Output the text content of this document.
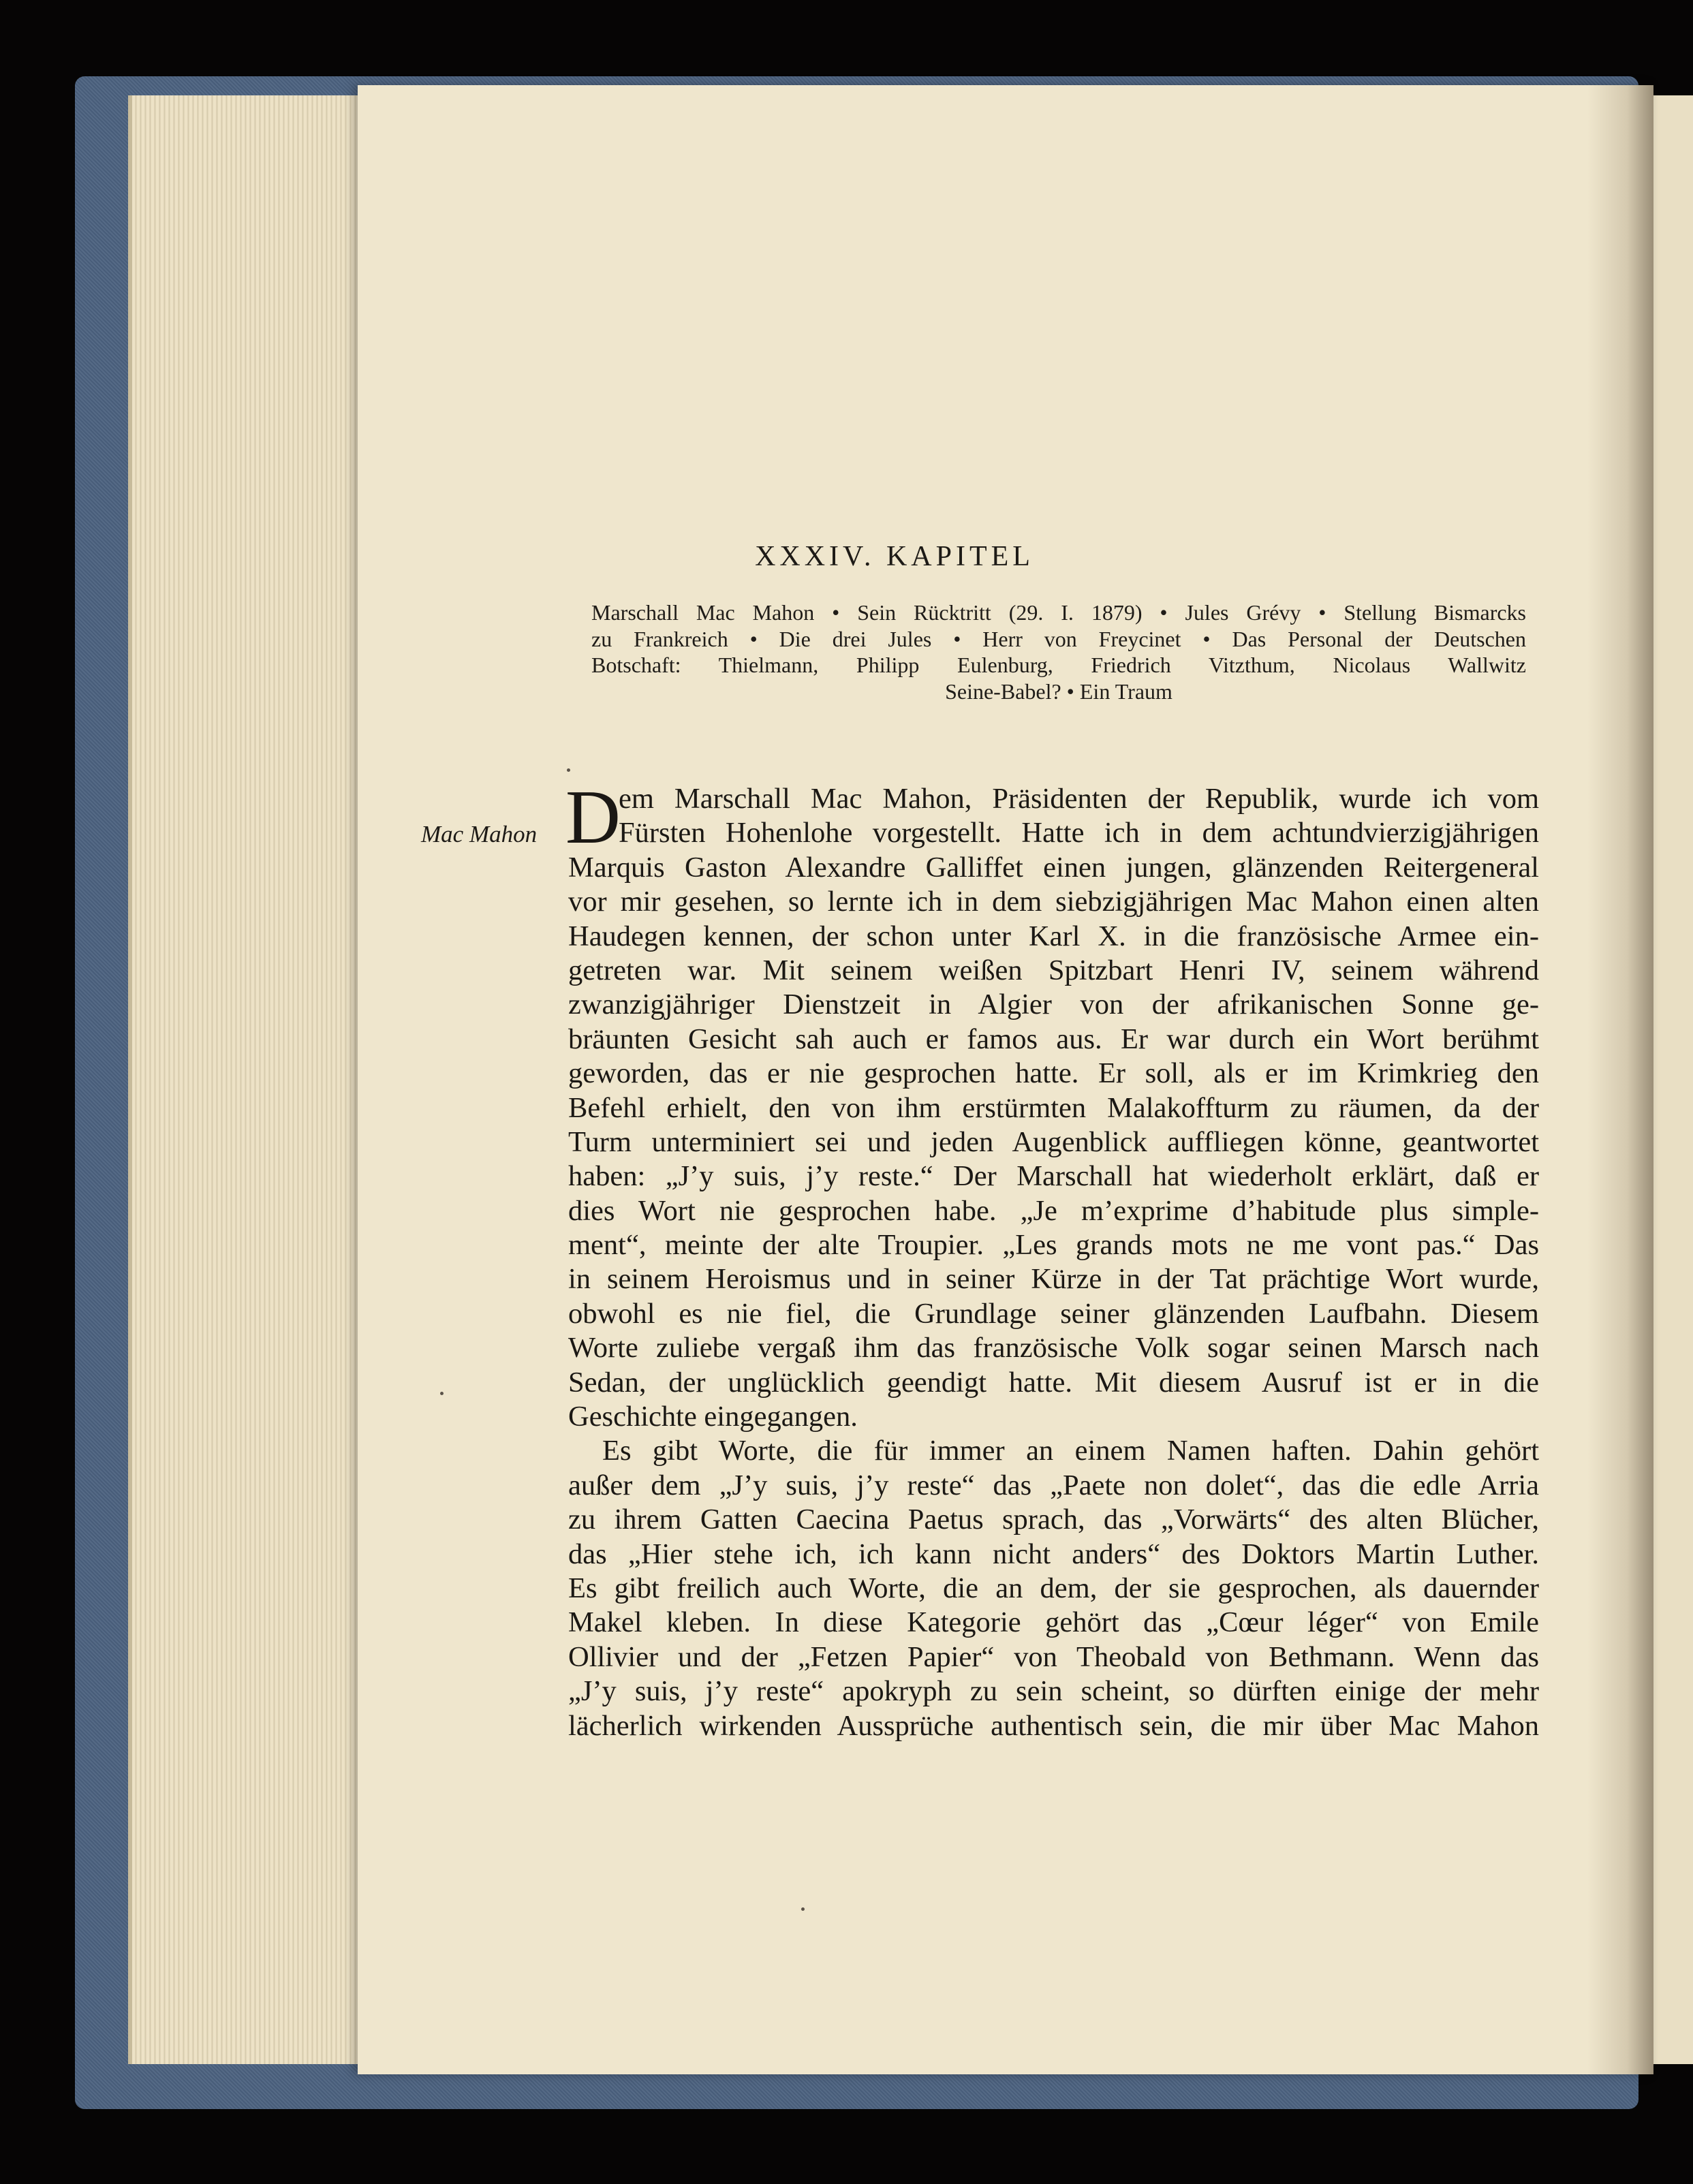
XXXIV. KAPITEL
Marschall Mac Mahon • Sein Rücktritt (29. I. 1879) • Jules Grévy • Stellung Bismarcks
zu Frankreich • Die drei Jules • Herr von Freycinet • Das Personal der Deutschen
Botschaft: Thielmann, Philipp Eulenburg, Friedrich Vitzthum, Nicolaus Wallwitz
Seine-Babel? • Ein Traum
Mac Mahon D
em Marschall Mac Mahon, Präsidenten der Republik, wurde ich vom
Fürsten Hohenlohe vorgestellt. Hatte ich in dem achtundvierzigjährigen
Marquis Gaston Alexandre Galliffet einen jungen, glänzenden Reitergeneral
vor mir gesehen, so lernte ich in dem siebzigjährigen Mac Mahon einen alten
Haudegen kennen, der schon unter Karl X. in die französische Armee ein-
getreten war. Mit seinem weißen Spitzbart Henri IV, seinem während
zwanzigjähriger Dienstzeit in Algier von der afrikanischen Sonne ge-
bräunten Gesicht sah auch er famos aus. Er war durch ein Wort berühmt
geworden, das er nie gesprochen hatte. Er soll, als er im Krimkrieg den
Befehl erhielt, den von ihm erstürmten Malakoffturm zu räumen, da der
Turm unterminiert sei und jeden Augenblick auffliegen könne, geantwortet
haben: „J’y suis, j’y reste.“ Der Marschall hat wiederholt erklärt, daß er
dies Wort nie gesprochen habe. „Je m’exprime d’habitude plus simple-
ment“, meinte der alte Troupier. „Les grands mots ne me vont pas.“ Das
in seinem Heroismus und in seiner Kürze in der Tat prächtige Wort wurde,
obwohl es nie fiel, die Grundlage seiner glänzenden Laufbahn. Diesem
Worte zuliebe vergaß ihm das französische Volk sogar seinen Marsch nach
Sedan, der unglücklich geendigt hatte. Mit diesem Ausruf ist er in die
Geschichte eingegangen.
Es gibt Worte, die für immer an einem Namen haften. Dahin gehört
außer dem „J’y suis, j’y reste“ das „Paete non dolet“, das die edle Arria
zu ihrem Gatten Caecina Paetus sprach, das „Vorwärts“ des alten Blücher,
das „Hier stehe ich, ich kann nicht anders“ des Doktors Martin Luther.
Es gibt freilich auch Worte, die an dem, der sie gesprochen, als dauernder
Makel kleben. In diese Kategorie gehört das „Cœur léger“ von Emile
Ollivier und der „Fetzen Papier“ von Theobald von Bethmann. Wenn das
„J’y suis, j’y reste“ apokryph zu sein scheint, so dürften einige der mehr
lächerlich wirkenden Aussprüche authentisch sein, die mir über Mac Mahon
